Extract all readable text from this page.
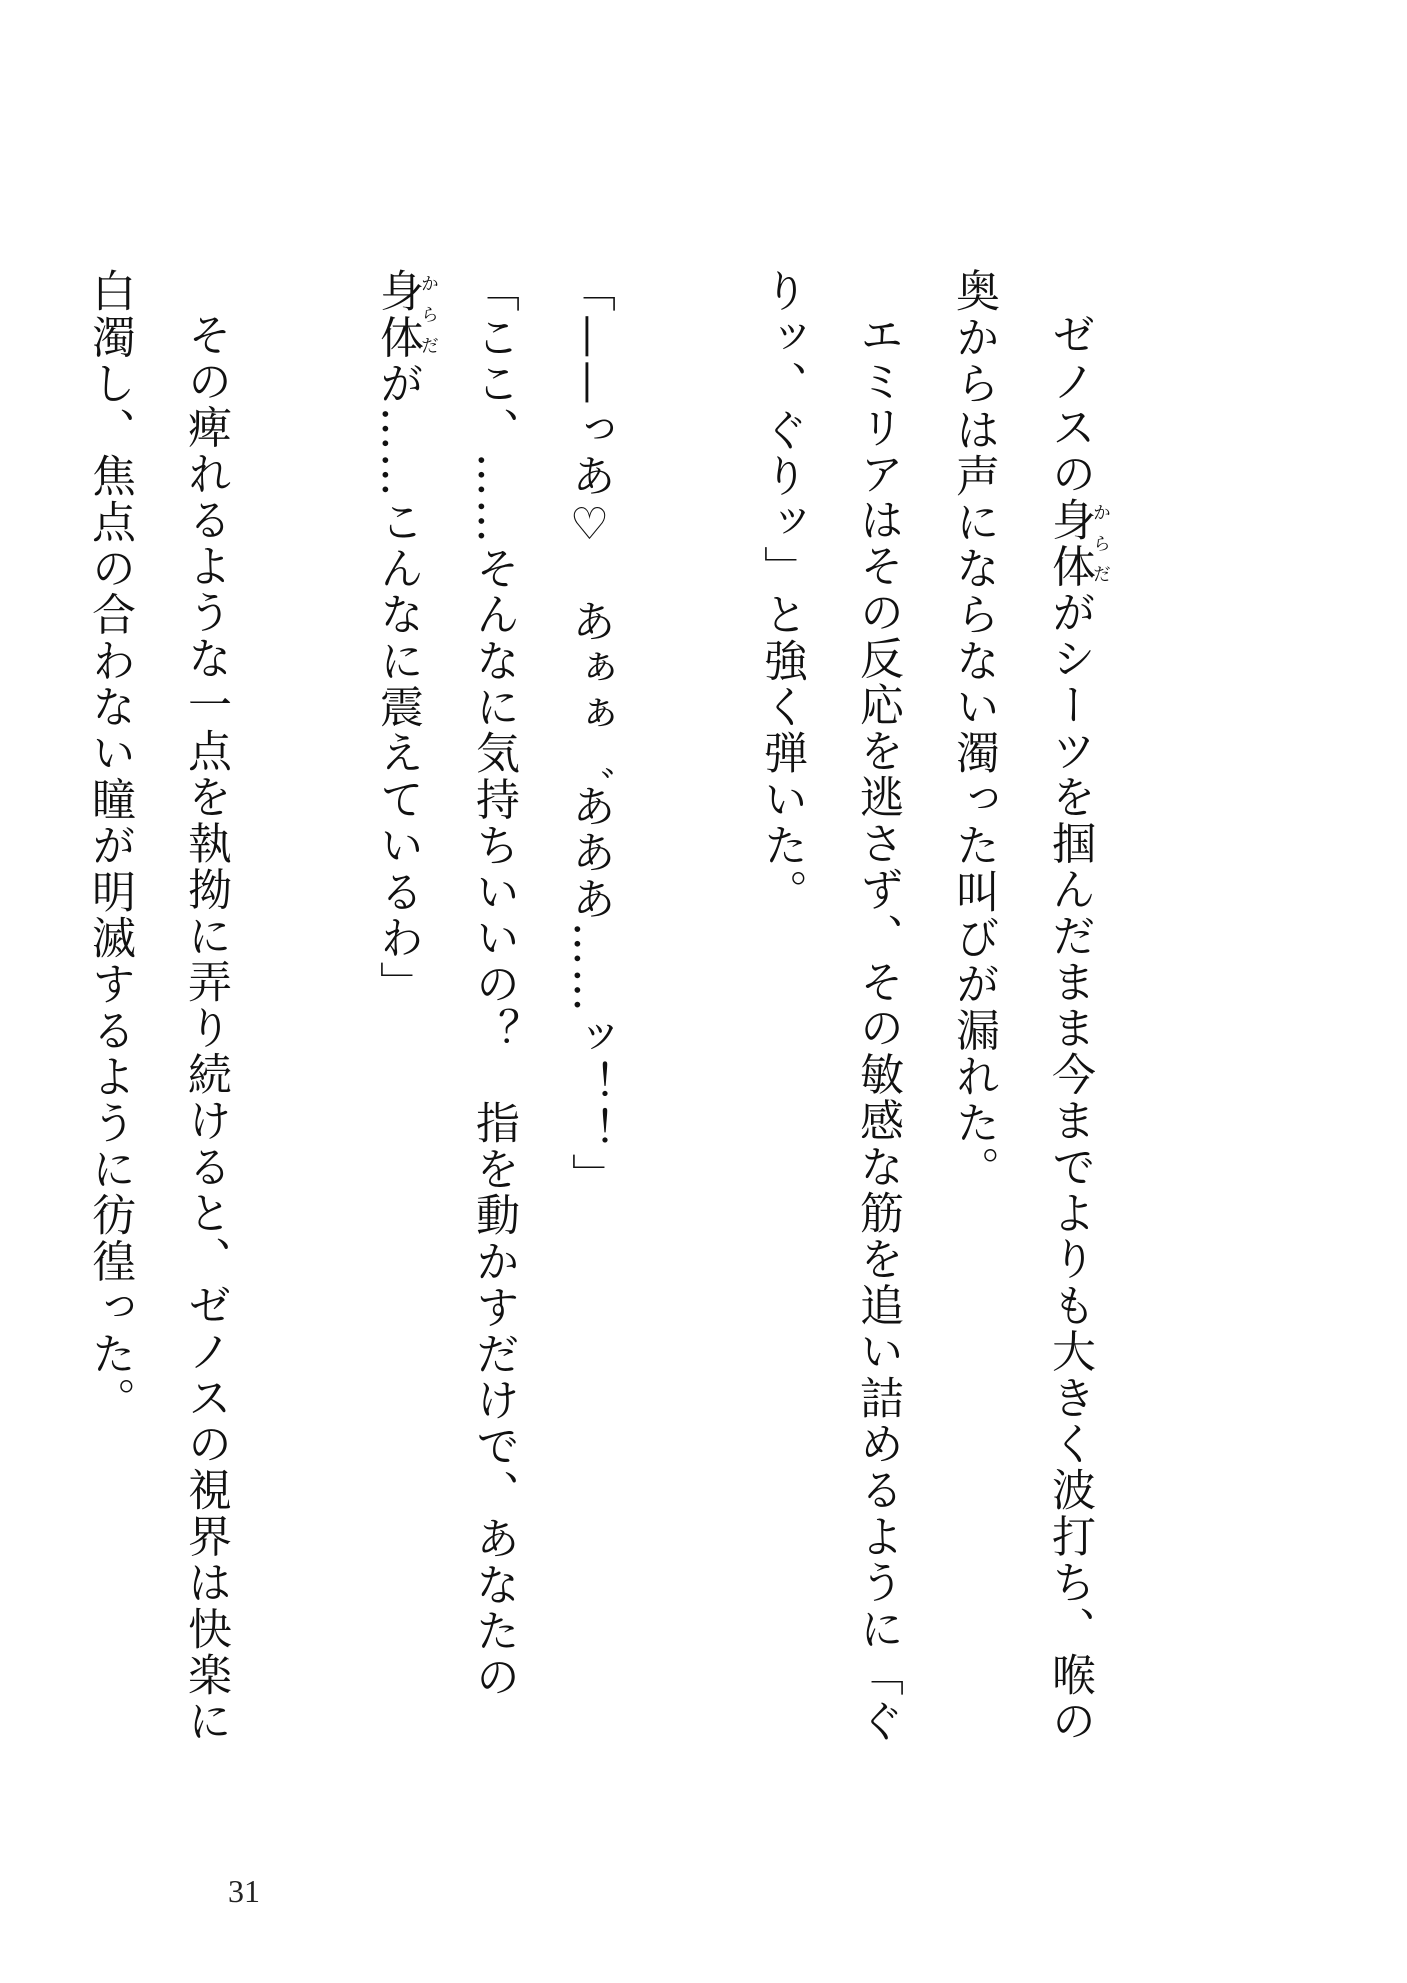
ゼノスの身体からだがシーツを掴んだまま今までよりも大きく波打ち、喉の奥からは声にならない濁った叫びが漏れた。

エミリアはその反応を逃さず、その敏感な筋を追い詰めるように「ぐりッ、ぐりッ」と強く弾いた。

「——っあ♡　あぁぁ゛あああ……ッ！！」

「ここ、……そんなに気持ちいいの？　指を動かすだけで、あなたの身体からだが……こんなに震えているわ」

その痺れるような一点を執拗に弄り続けると、ゼノスの視界は快楽に白濁し、焦点の合わない瞳が明滅するように彷徨った。

31
